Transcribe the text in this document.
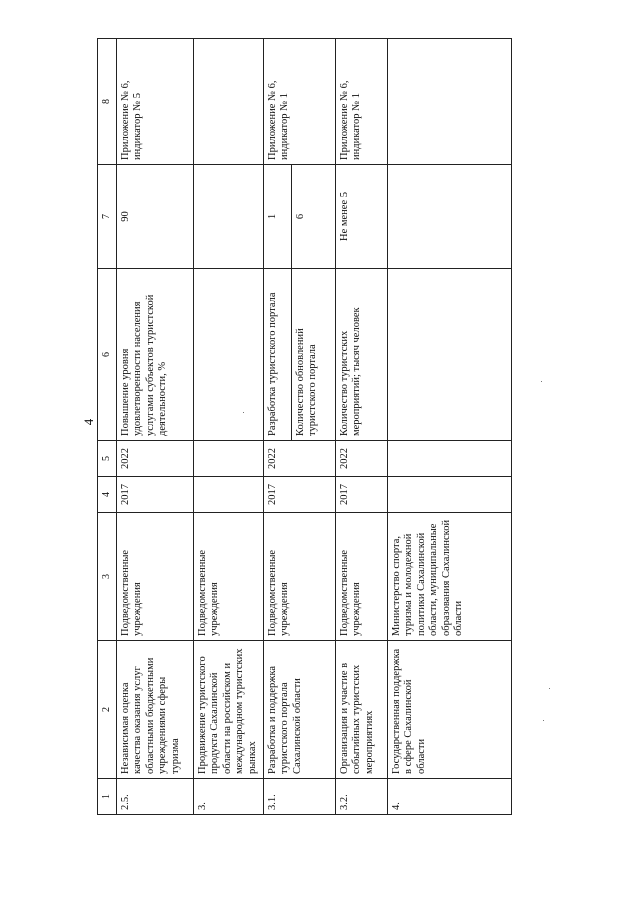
4
1	2	3	4	5	6	7	8
2.5.	Независимая оценка качества оказания услуг областными бюджетными учреждениями сферы туризма	Подведомственные учреждения	2017	2022	Повышение уровня удовлетворенности населения услугами субъектов туристской деятельности, %	90	Приложение № 6, индикатор № 5
3.	Продвижение туристского продукта Сахалинской области на российском и международном туристских рынках	Подведомственные учреждения					
3.1.	Разработка и поддержка туристского портала Сахалинской области	Подведомственные учреждения	2017	2022	Разработка туристского портала	1	Приложение № 6, индикатор № 1
					Количество обновлений туристского портала	6	
3.2.	Организация и участие в событийных туристских мероприятиях	Подведомственные учреждения	2017	2022	Количество туристских мероприятий; тысяч человек	Не менее 5	Приложение № 6, индикатор № 1
4.	Государственная поддержка в сфере Сахалинской области	Министерство спорта, туризма и молодежной политики Сахалинской области, муниципальные образования Сахалинской области					
